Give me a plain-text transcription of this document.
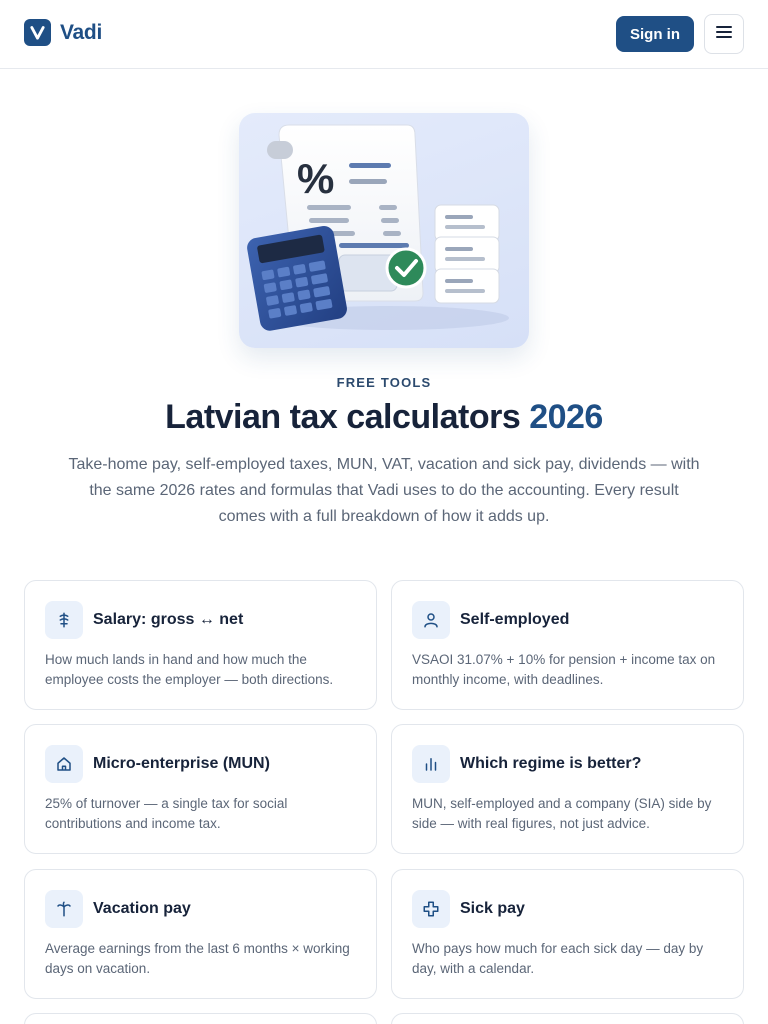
Vadi	Sign in
%
FREE TOOLS
Latvian tax calculators 2026

Take-home pay, self-employed taxes, MUN, VAT, vacation and sick pay, dividends — with the same 2026 rates and formulas that Vadi uses to do the accounting. Every result comes with a full breakdown of how it adds up.

Salary: gross ↔ net
How much lands in hand and how much the employee costs the employer — both directions.
Self-employed
VSAOI 31.07% + 10% for pension + income tax on monthly income, with deadlines.
Micro-enterprise (MUN)
25% of turnover — a single tax for social contributions and income tax.
Which regime is better?
MUN, self-employed and a company (SIA) side by side — with real figures, not just advice.
Vacation pay
Average earnings from the last 6 months × working days on vacation.
Sick pay
Who pays how much for each sick day — day by day, with a calendar.
